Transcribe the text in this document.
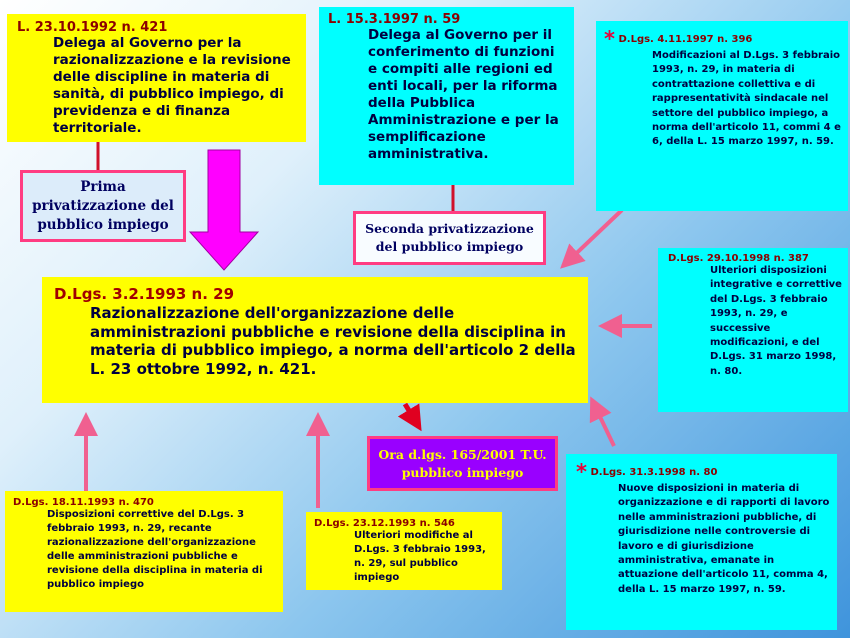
L. 23.10.1992 n. 421
Delega al Governo per la razionalizzazione e la revisione delle discipline in materia di sanità, di pubblico impiego, di previdenza e di finanza territoriale.
L. 15.3.1997 n. 59
Delega al Governo per il conferimento di funzioni e compiti alle regioni ed enti locali, per la riforma della Pubblica Amministrazione e per la semplificazione amministrativa.
* D.Lgs. 4.11.1997 n. 396
Modificazioni al D.Lgs. 3 febbraio 1993, n. 29, in materia di contrattazione collettiva e di rappresentatività sindacale nel settore del pubblico impiego, a norma dell'articolo 11, commi 4 e 6, della L. 15 marzo 1997, n. 59.
Prima privatizzazione del pubblico impiego	Seconda privatizzazione del pubblico impiego
D.Lgs. 3.2.1993 n. 29
Razionalizzazione dell'organizzazione delle amministrazioni pubbliche e revisione della disciplina in materia di pubblico impiego, a norma dell'articolo 2 della L. 23 ottobre 1992, n. 421.
D.Lgs. 29.10.1998 n. 387
Ulteriori disposizioni integrative e correttive del D.Lgs. 3 febbraio 1993, n. 29, e successive modificazioni, e del D.Lgs. 31 marzo 1998, n. 80.
Ora d.lgs. 165/2001 T.U. pubblico impiego	* D.Lgs. 31.3.1998 n. 80
Nuove disposizioni in materia di organizzazione e di rapporti di lavoro nelle amministrazioni pubbliche, di giurisdizione nelle controversie di lavoro e di giurisdizione amministrativa, emanate in attuazione dell'articolo 11, comma 4, della L. 15 marzo 1997, n. 59.
D.Lgs. 18.11.1993 n. 470
Disposizioni correttive del D.Lgs. 3 febbraio 1993, n. 29, recante razionalizzazione dell'organizzazione delle amministrazioni pubbliche e revisione della disciplina in materia di pubblico impiego
D.Lgs. 23.12.1993 n. 546
Ulteriori modifiche al D.Lgs. 3 febbraio 1993, n. 29, sul pubblico impiego
